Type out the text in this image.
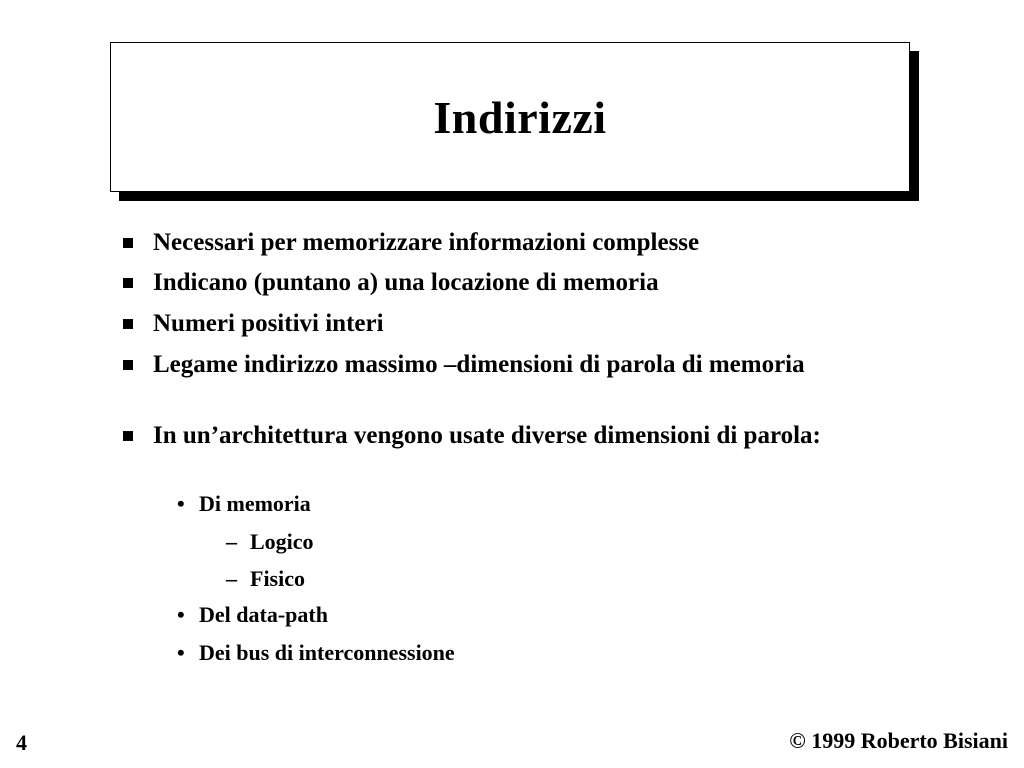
Indirizzi
Necessari per memorizzare informazioni complesse
Indicano (puntano a) una locazione di memoria
Numeri positivi interi
Legame indirizzo massimo –dimensioni di parola di memoria
In un’architettura vengono usate diverse dimensioni di parola:
• Di memoria
– Logico
– Fisico
• Del data-path
• Dei bus di interconnessione
4	© 1999 Roberto Bisiani
